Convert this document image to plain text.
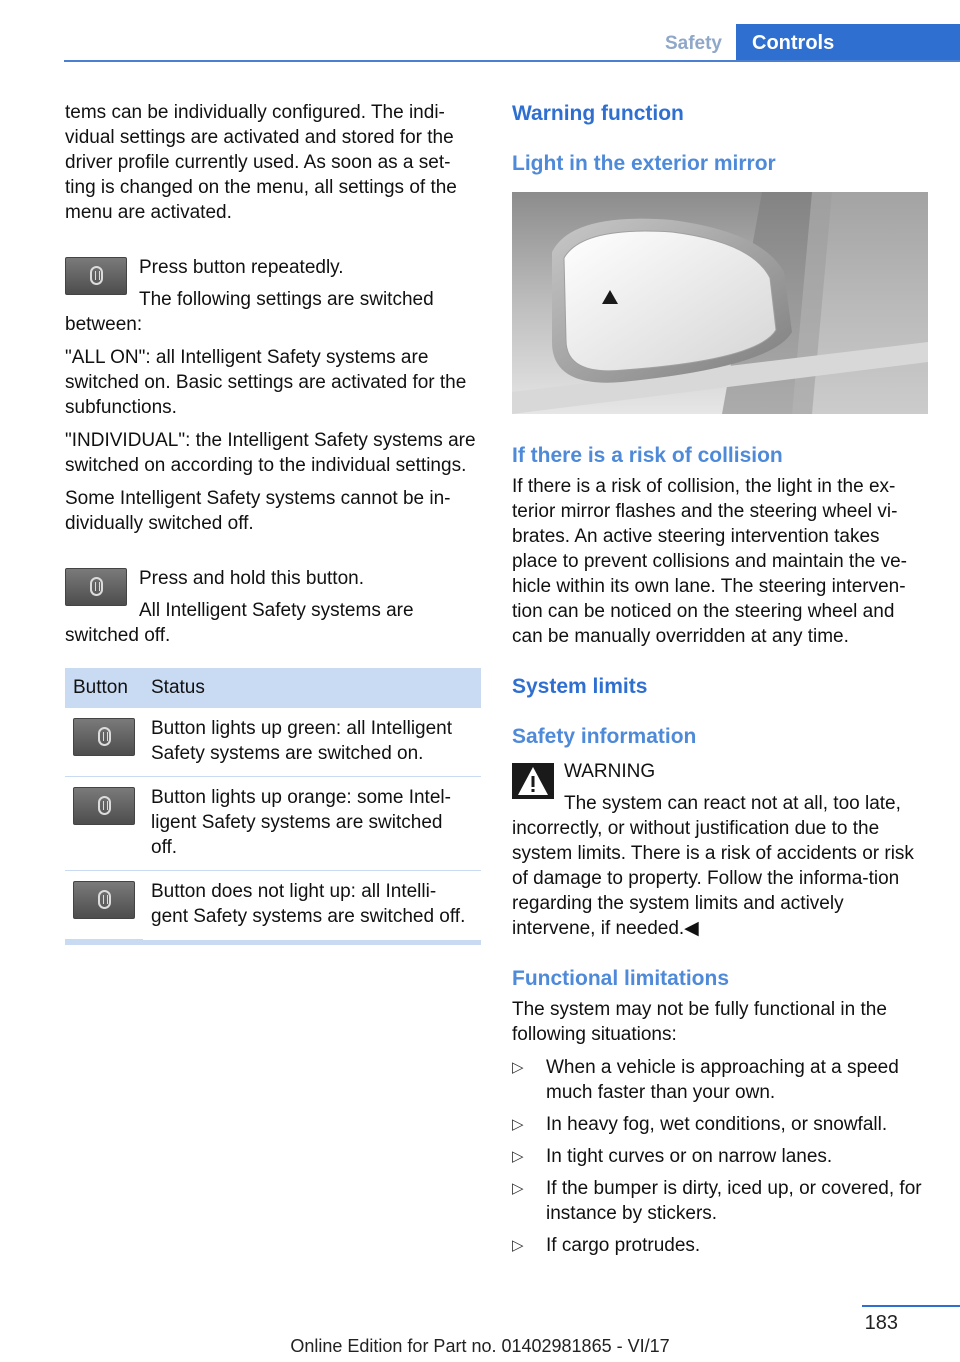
Safety	Controls

tems can be individually configured. The indi‐vidual settings are activated and stored for the driver profile currently used. As soon as a set‐ting is changed on the menu, all settings of the menu are activated.

Press button repeatedly.

The following settings are switched between:

"ALL ON": all Intelligent Safety systems are switched on. Basic settings are activated for the subfunctions.

"INDIVIDUAL": the Intelligent Safety systems are switched on according to the individual settings.

Some Intelligent Safety systems cannot be in‐dividually switched off.

Press and hold this button.

All Intelligent Safety systems are switched off.

Button	Status

	Button lights up green: all Intelligent Safety systems are switched on.

	Button lights up orange: some Intel‐ligent Safety systems are switched off.

	Button does not light up: all Intelli‐gent Safety systems are switched off.
Warning function
Light in the exterior mirror
If there is a risk of collision

If there is a risk of collision, the light in the ex‐terior mirror flashes and the steering wheel vi‐brates. An active steering intervention takes place to prevent collisions and maintain the ve‐hicle within its own lane. The steering interven‐tion can be noticed on the steering wheel and can be manually overridden at any time.

System limits
Safety information

WARNING

The system can react not at all, too late, incorrectly, or without justification due to the system limits. There is a risk of accidents or risk of damage to property. Follow the informa‐tion regarding the system limits and actively intervene, if needed.◀

Functional limitations

The system may not be fully functional in the following situations:

▷ When a vehicle is approaching at a speed much faster than your own.
▷ In heavy fog, wet conditions, or snowfall.
▷ In tight curves or on narrow lanes.
▷ If the bumper is dirty, iced up, or covered, for instance by stickers.
▷ If cargo protrudes.
183
Online Edition for Part no. 01402981865 - VI/17
